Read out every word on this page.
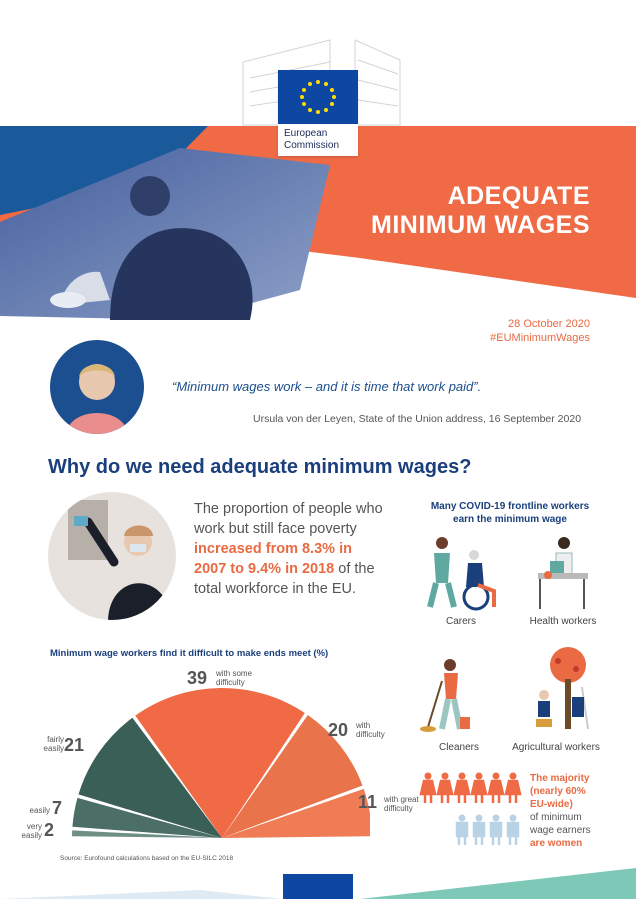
European
Commission
ADEQUATE
MINIMUM WAGES
28 October 2020
#EUMinimumWages
“Minimum wages work – and it is time that work paid”.
Ursula von der Leyen, State of the Union address, 16 September 2020
Why do we need adequate minimum wages?
The proportion of people who work but still face poverty increased from 8.3% in 2007 to 9.4% in 2018 of the total workforce in the EU.
Many COVID-19 frontline workers earn the minimum wage
Carers	Health workers
Cleaners	Agricultural workers
Minimum wage workers find it difficult to make ends meet (%)
39 with some difficulty
21
fairly easily
20 with difficulty
7
easily
2
very easily
11 with great difficulty
Source: Eurofound calculations based on the EU-SILC 2018
The majority
(nearly 60%
EU-wide)
of minimum
wage earners
are women
